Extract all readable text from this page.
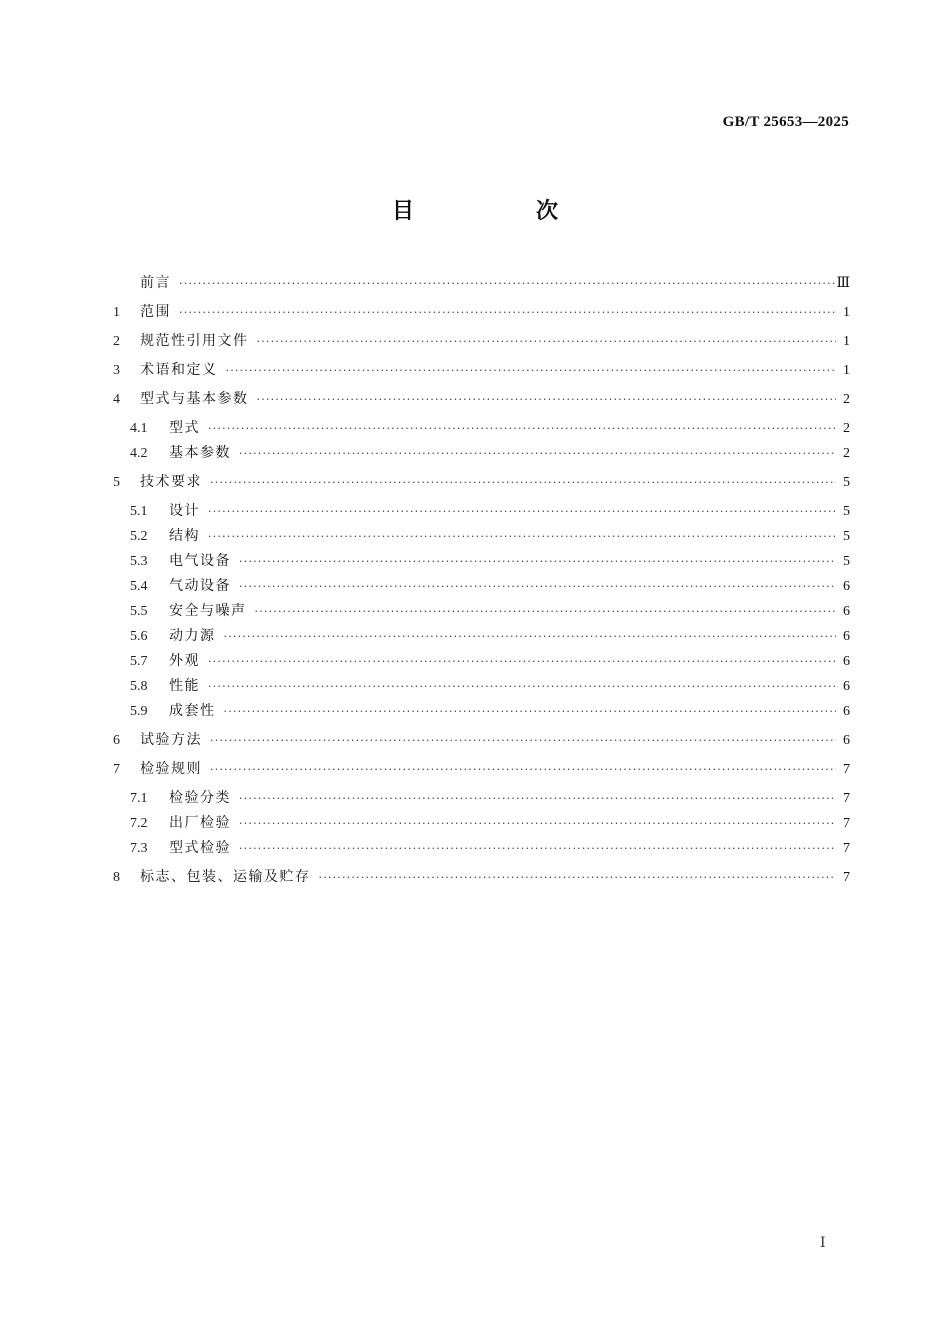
GB/T 25653—2025
目　次
前言 ·····	Ⅲ
1	范围 ·····	1
2	规范性引用文件 ·····	1
3	术语和定义 ·····	1
4	型式与基本参数 ·····	2
4.1	型式 ·····	2
4.2	基本参数 ·····	2
5	技术要求 ·····	5
5.1	设计 ·····	5
5.2	结构 ·····	5
5.3	电气设备 ·····	5
5.4	气动设备 ·····	6
5.5	安全与噪声 ·····	6
5.6	动力源 ·····	6
5.7	外观 ·····	6
5.8	性能 ·····	6
5.9	成套性 ·····	6
6	试验方法 ·····	6
7	检验规则 ·····	7
7.1	检验分类 ·····	7
7.2	出厂检验 ·····	7
7.3	型式检验 ·····	7
8	标志、包装、运输及贮存 ·····	7
Ⅰ
